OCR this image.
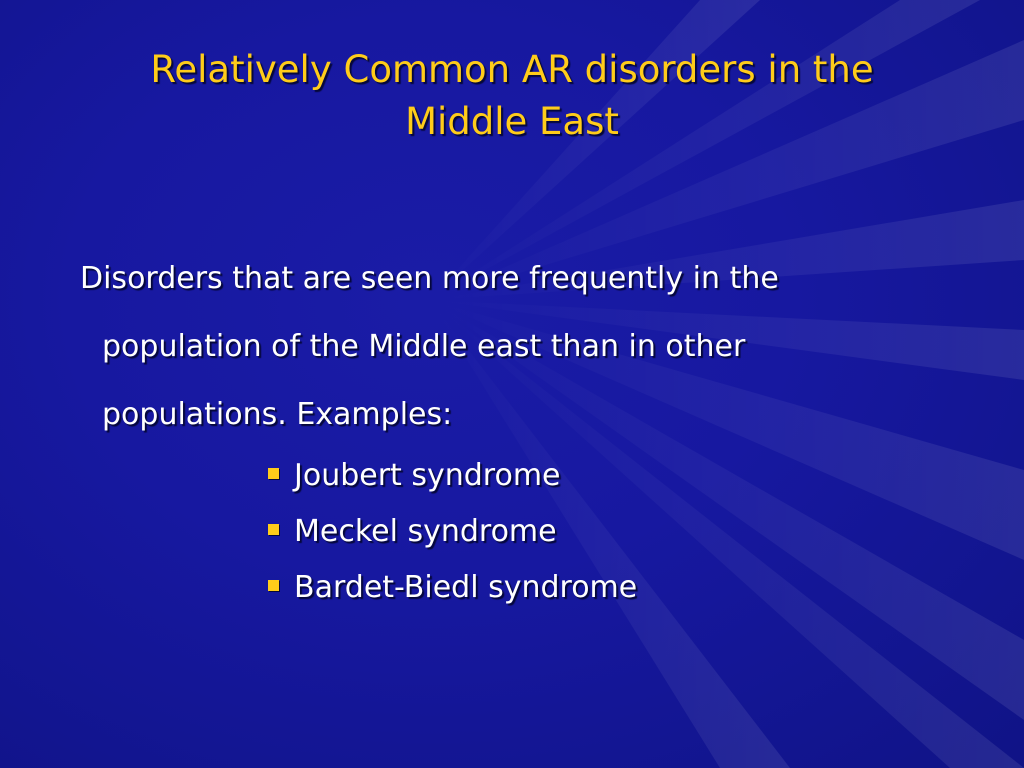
Relatively Common AR disorders in the
Middle East
Disorders that are seen more frequently in the
population of the Middle east than in other
populations. Examples:
Joubert syndrome
Meckel syndrome
Bardet-Biedl syndrome
